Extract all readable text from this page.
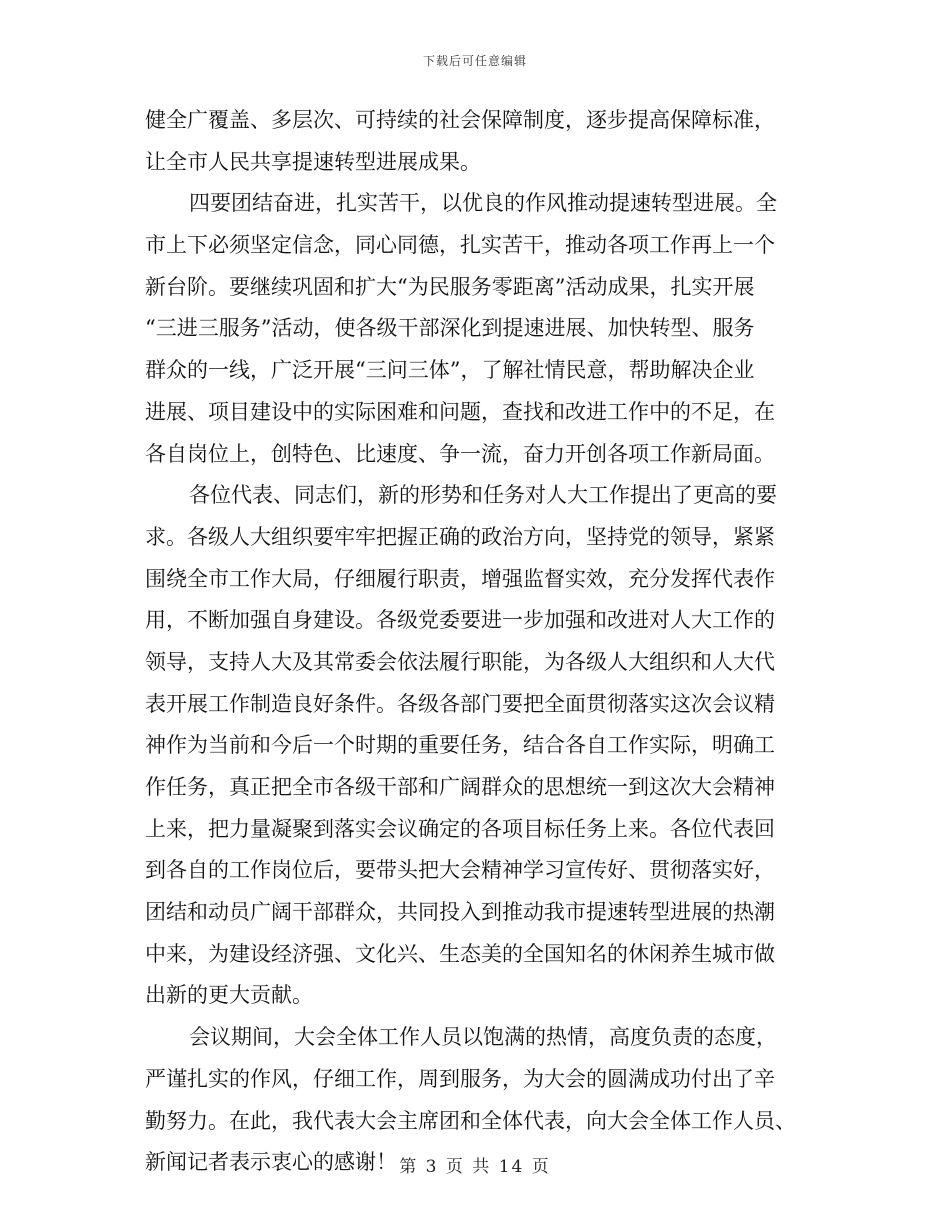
下载后可任意编辑
健全广覆盖、多层次、可持续的社会保障制度，逐步提高保障标准，
让全市人民共享提速转型进展成果。
四要团结奋进，扎实苦干，以优良的作风推动提速转型进展。全
市上下必须坚定信念，同心同德，扎实苦干，推动各项工作再上一个
新台阶。要继续巩固和扩大“为民服务零距离”活动成果，扎实开展
“三进三服务”活动，使各级干部深化到提速进展、加快转型、服务
群众的一线，广泛开展“三问三体”，了解社情民意，帮助解决企业
进展、项目建设中的实际困难和问题，查找和改进工作中的不足，在
各自岗位上，创特色、比速度、争一流，奋力开创各项工作新局面。
各位代表、同志们，新的形势和任务对人大工作提出了更高的要
求。各级人大组织要牢牢把握正确的政治方向，坚持党的领导，紧紧
围绕全市工作大局，仔细履行职责，增强监督实效，充分发挥代表作
用，不断加强自身建设。各级党委要进一步加强和改进对人大工作的
领导，支持人大及其常委会依法履行职能，为各级人大组织和人大代
表开展工作制造良好条件。各级各部门要把全面贯彻落实这次会议精
神作为当前和今后一个时期的重要任务，结合各自工作实际，明确工
作任务，真正把全市各级干部和广阔群众的思想统一到这次大会精神
上来，把力量凝聚到落实会议确定的各项目标任务上来。各位代表回
到各自的工作岗位后，要带头把大会精神学习宣传好、贯彻落实好，
团结和动员广阔干部群众，共同投入到推动我市提速转型进展的热潮
中来，为建设经济强、文化兴、生态美的全国知名的休闲养生城市做
出新的更大贡献。
会议期间，大会全体工作人员以饱满的热情，高度负责的态度，
严谨扎实的作风，仔细工作，周到服务，为大会的圆满成功付出了辛
勤努力。在此，我代表大会主席团和全体代表，向大会全体工作人员、
新闻记者表示衷心的感谢！ 第 3 页 共 14 页
